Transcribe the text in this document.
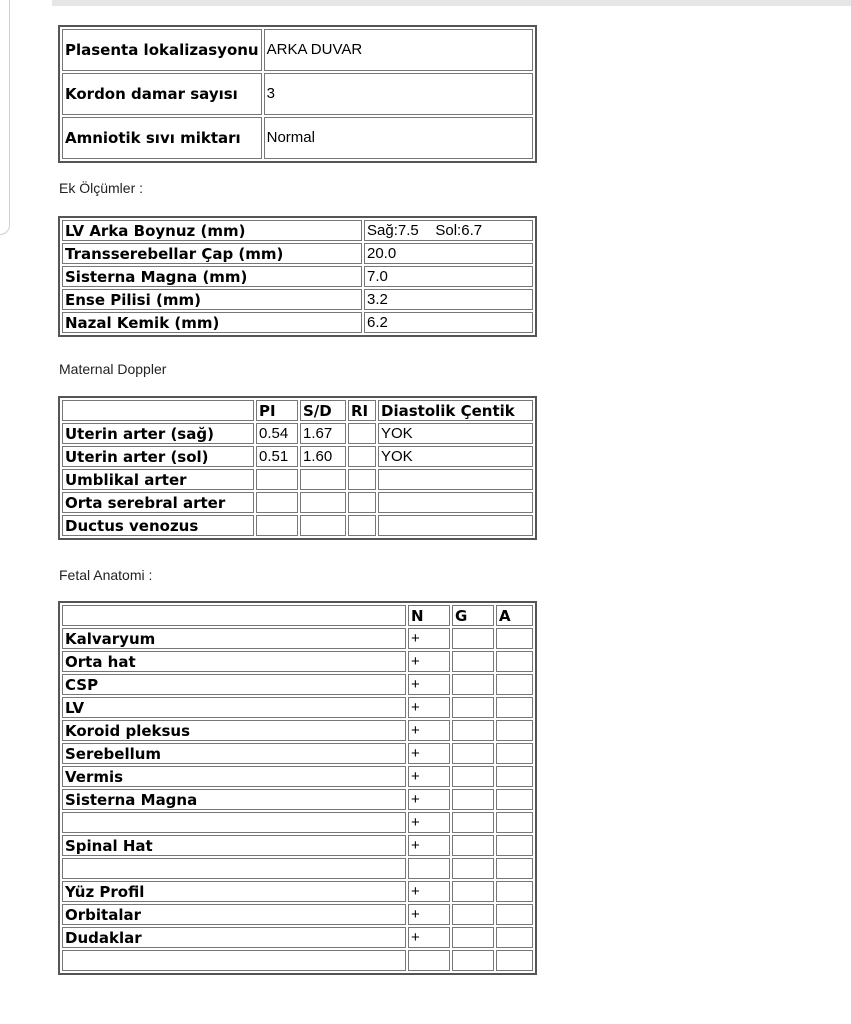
Plasenta lokalizasyonu	ARKA DUVAR
Kordon damar sayısı	3
Amniotik sıvı miktarı	Normal
Ek Ölçümler :
LV Arka Boynuz (mm)	Sağ:7.5    Sol:6.7
Transserebellar Çap (mm)	20.0
Sisterna Magna (mm)	7.0
Ense Pilisi (mm)	3.2
Nazal Kemik (mm)	6.2
Maternal Doppler
	PI	S/D	RI	Diastolik Çentik
Uterin arter (sağ)	0.54	1.67		YOK
Uterin arter (sol)	0.51	1.60		YOK
Umblikal arter				
Orta serebral arter				
Ductus venozus				
Fetal Anatomi :
	N	G	A
Kalvaryum	+		
Orta hat	+		
CSP	+		
LV	+		
Koroid pleksus	+		
Serebellum	+		
Vermis	+		
Sisterna Magna	+		
	+		
Spinal Hat	+		

Yüz Profil	+		
Orbitalar	+		
Dudaklar	+		
